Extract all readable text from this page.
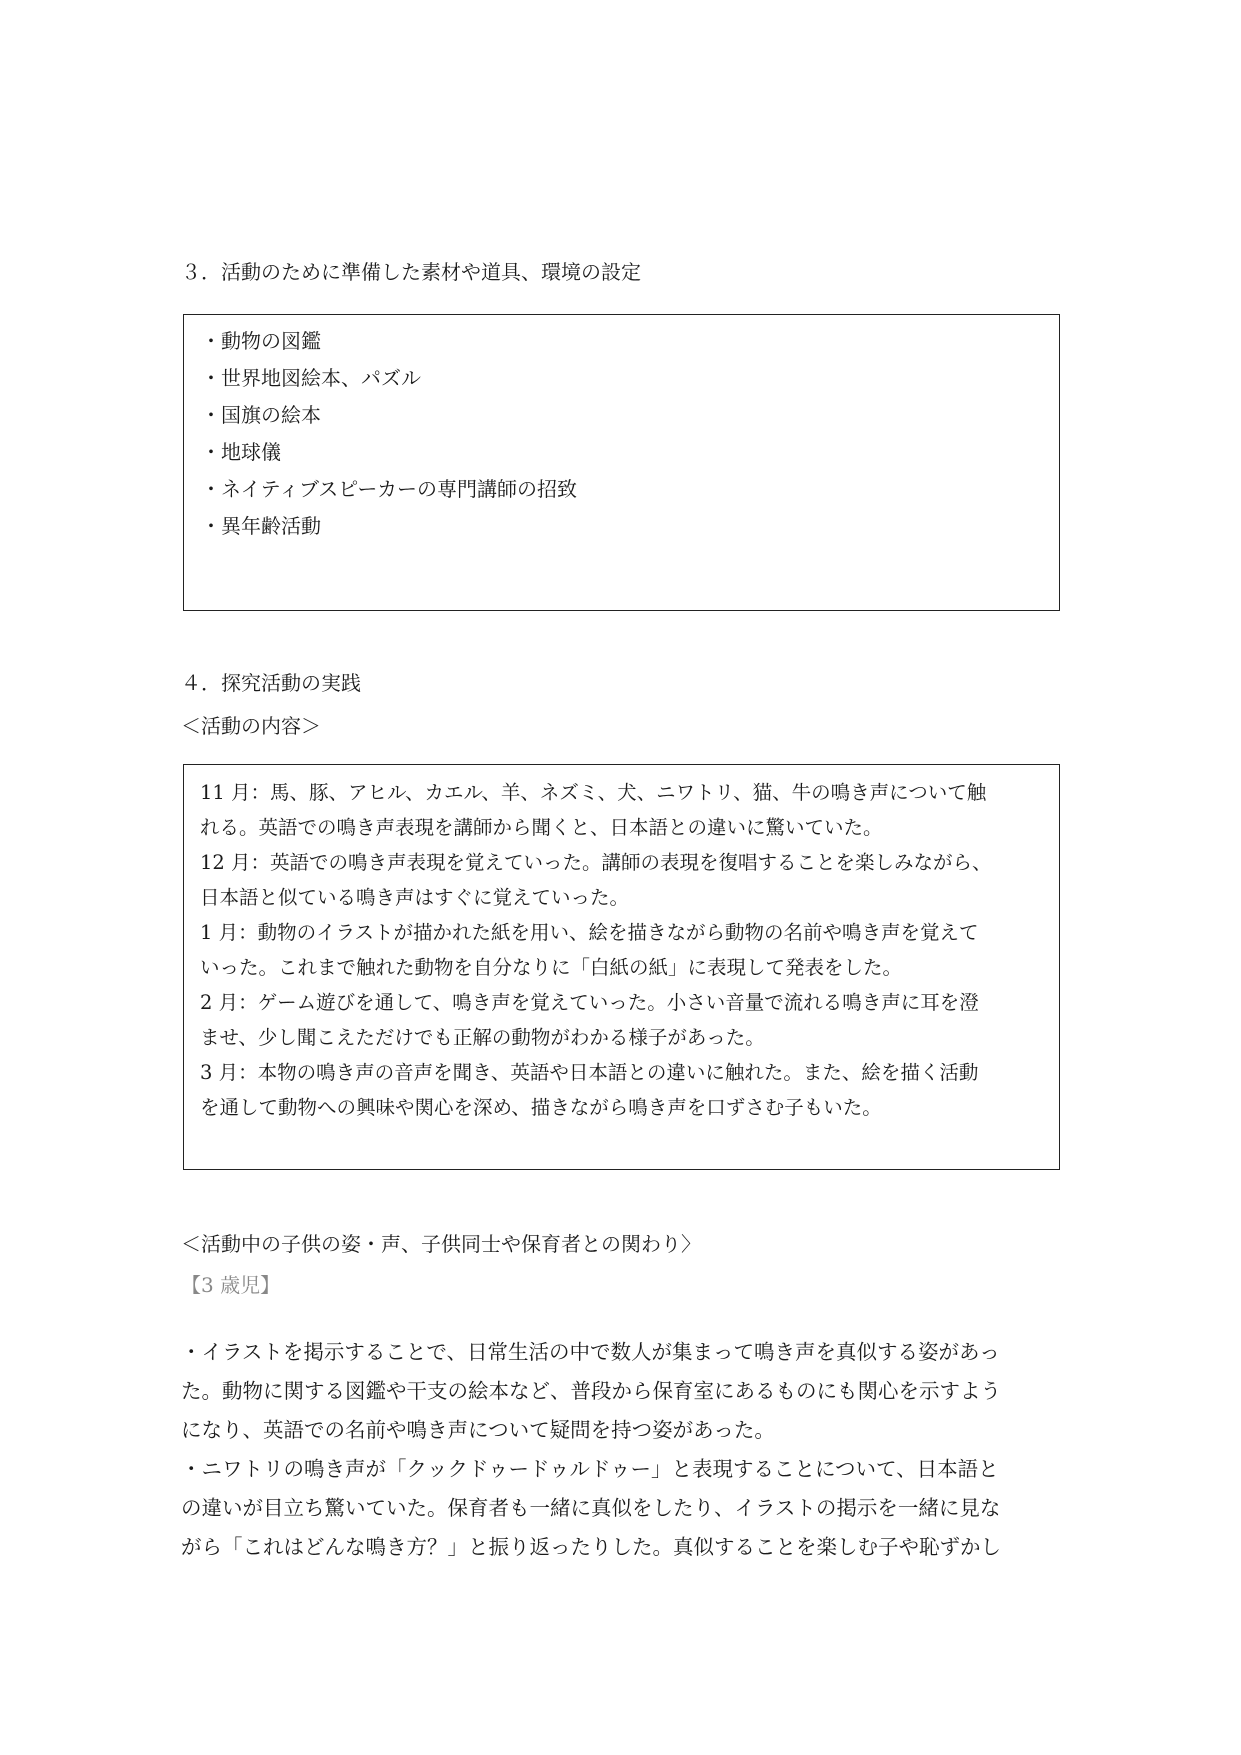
３．活動のために準備した素材や道具、環境の設定
・動物の図鑑
・世界地図絵本、パズル
・国旗の絵本
・地球儀
・ネイティブスピーカーの専門講師の招致
・異年齢活動
４．探究活動の実践
＜活動の内容＞
11 月：馬、豚、アヒル、カエル、羊、ネズミ、犬、ニワトリ、猫、牛の鳴き声について触
れる。英語での鳴き声表現を講師から聞くと、日本語との違いに驚いていた。
12 月：英語での鳴き声表現を覚えていった。講師の表現を復唱することを楽しみながら、
日本語と似ている鳴き声はすぐに覚えていった。
1 月：動物のイラストが描かれた紙を用い、絵を描きながら動物の名前や鳴き声を覚えて
いった。これまで触れた動物を自分なりに「白紙の紙」に表現して発表をした。
2 月：ゲーム遊びを通して、鳴き声を覚えていった。小さい音量で流れる鳴き声に耳を澄
ませ、少し聞こえただけでも正解の動物がわかる様子があった。
3 月：本物の鳴き声の音声を聞き、英語や日本語との違いに触れた。また、絵を描く活動
を通して動物への興味や関心を深め、描きながら鳴き声を口ずさむ子もいた。
＜活動中の子供の姿・声、子供同士や保育者との関わり〉
【3 歳児】
・イラストを掲示することで、日常生活の中で数人が集まって鳴き声を真似する姿があっ
た。動物に関する図鑑や干支の絵本など、普段から保育室にあるものにも関心を示すよう
になり、英語での名前や鳴き声について疑問を持つ姿があった。
・ニワトリの鳴き声が「クックドゥードゥルドゥー」と表現することについて、日本語と
の違いが目立ち驚いていた。保育者も一緒に真似をしたり、イラストの掲示を一緒に見な
がら「これはどんな鳴き方？」と振り返ったりした。真似することを楽しむ子や恥ずかし
